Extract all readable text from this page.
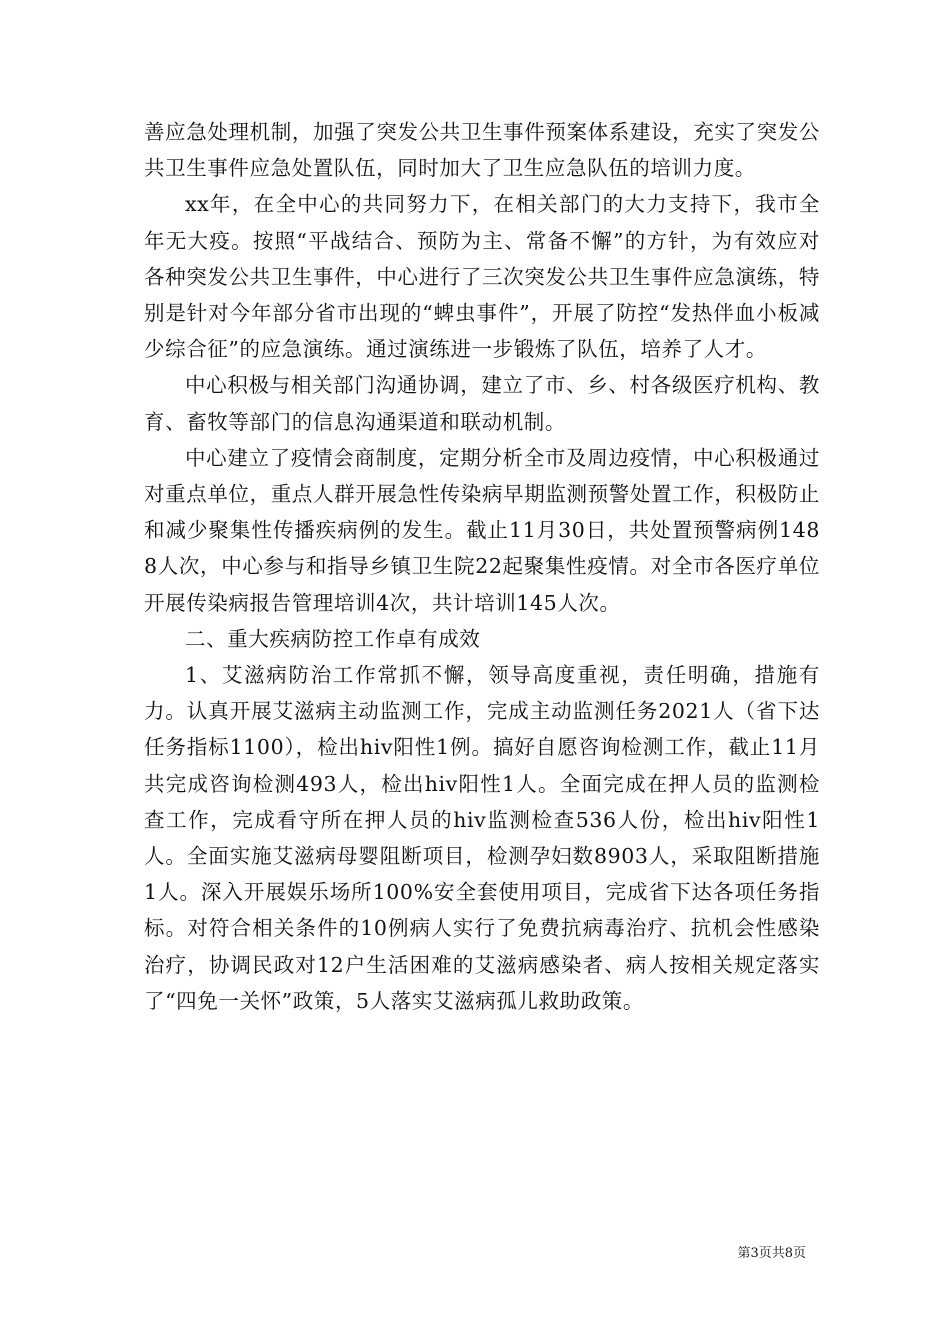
善应急处理机制，加强了突发公共卫生事件预案体系建设，充实了突发公共卫生事件应急处置队伍，同时加大了卫生应急队伍的培训力度。

xx年，在全中心的共同努力下，在相关部门的大力支持下，我市全年无大疫。按照“平战结合、预防为主、常备不懈”的方针，为有效应对各种突发公共卫生事件，中心进行了三次突发公共卫生事件应急演练，特别是针对今年部分省市出现的“蜱虫事件”，开展了防控“发热伴血小板减少综合征”的应急演练。通过演练进一步锻炼了队伍，培养了人才。

中心积极与相关部门沟通协调，建立了市、乡、村各级医疗机构、教育、畜牧等部门的信息沟通渠道和联动机制。

中心建立了疫情会商制度，定期分析全市及周边疫情，中心积极通过对重点单位，重点人群开展急性传染病早期监测预警处置工作，积极防止和减少聚集性传播疾病例的发生。截止11月30日，共处置预警病例1488人次，中心参与和指导乡镇卫生院22起聚集性疫情。对全市各医疗单位开展传染病报告管理培训4次，共计培训145人次。

二、重大疾病防控工作卓有成效

1、艾滋病防治工作常抓不懈，领导高度重视，责任明确，措施有力。认真开展艾滋病主动监测工作，完成主动监测任务2021人（省下达任务指标1100），检出hiv阳性1例。搞好自愿咨询检测工作，截止11月共完成咨询检测493人，检出hiv阳性1人。全面完成在押人员的监测检查工作，完成看守所在押人员的hiv监测检查536人份，检出hiv阳性1人。全面实施艾滋病母婴阻断项目，检测孕妇数8903人，采取阻断措施1人。深入开展娱乐场所100%安全套使用项目，完成省下达各项任务指标。对符合相关条件的10例病人实行了免费抗病毒治疗、抗机会性感染治疗，协调民政对12户生活困难的艾滋病感染者、病人按相关规定落实了“四免一关怀”政策，5人落实艾滋病孤儿救助政策。

第3页共8页
